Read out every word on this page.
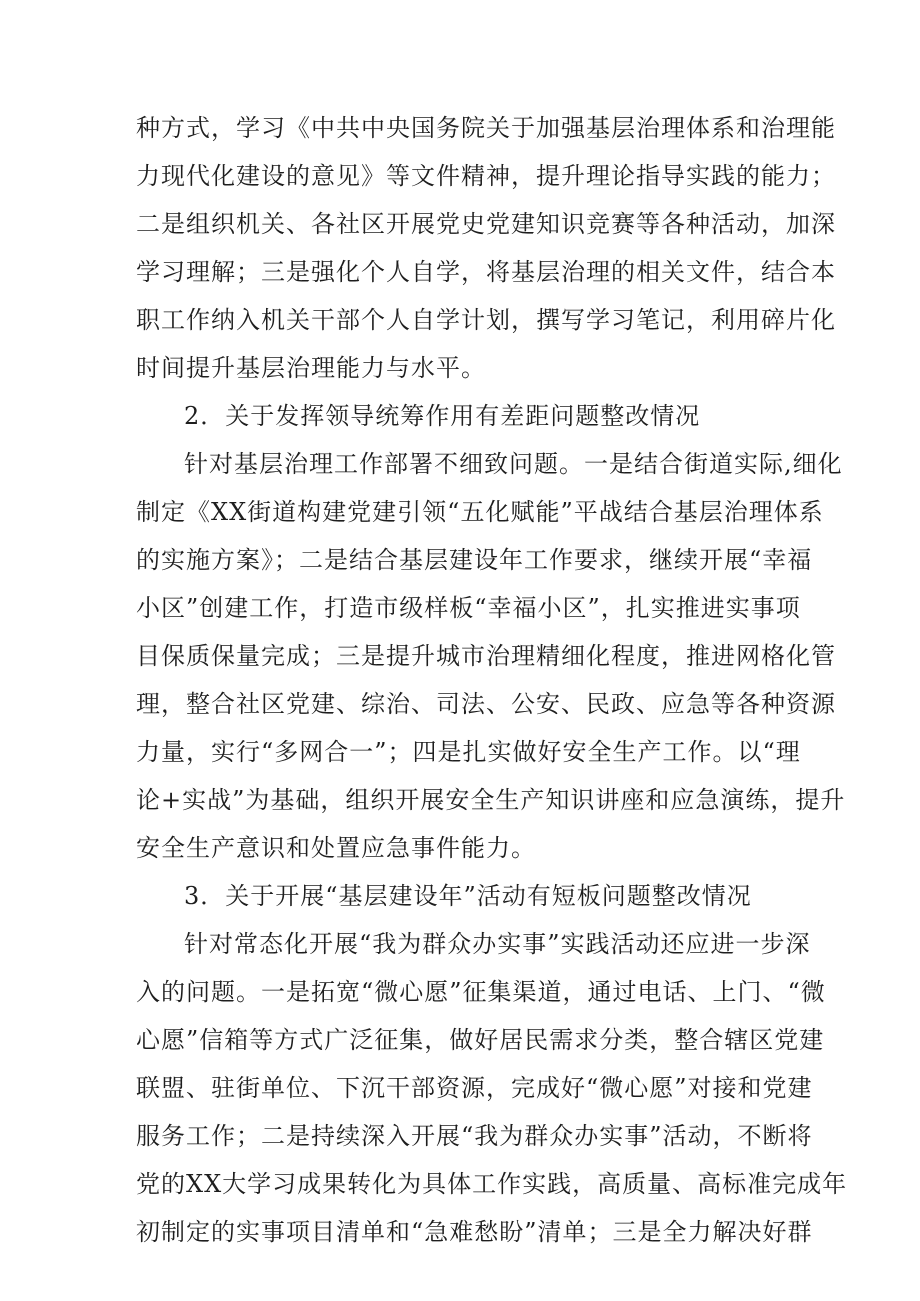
种方式，学习《中共中央国务院关于加强基层治理体系和治理能
力现代化建设的意见》等文件精神，提升理论指导实践的能力；
二是组织机关、各社区开展党史党建知识竞赛等各种活动，加深
学习理解；三是强化个人自学，将基层治理的相关文件，结合本
职工作纳入机关干部个人自学计划，撰写学习笔记，利用碎片化
时间提升基层治理能力与水平。
2．关于发挥领导统筹作用有差距问题整改情况
针对基层治理工作部署不细致问题。一是结合街道实际,细化
制定《XX街道构建党建引领“五化赋能”平战结合基层治理体系
的实施方案》；二是结合基层建设年工作要求，继续开展“幸福
小区”创建工作，打造市级样板“幸福小区”，扎实推进实事项
目保质保量完成；三是提升城市治理精细化程度，推进网格化管
理，整合社区党建、综治、司法、公安、民政、应急等各种资源
力量，实行“多网合一”；四是扎实做好安全生产工作。以“理
论+实战”为基础，组织开展安全生产知识讲座和应急演练，提升
安全生产意识和处置应急事件能力。
3．关于开展“基层建设年”活动有短板问题整改情况
针对常态化开展“我为群众办实事”实践活动还应进一步深
入的问题。一是拓宽“微心愿”征集渠道，通过电话、上门、“微
心愿”信箱等方式广泛征集，做好居民需求分类，整合辖区党建
联盟、驻街单位、下沉干部资源，完成好“微心愿”对接和党建
服务工作；二是持续深入开展“我为群众办实事”活动，不断将
党的XX大学习成果转化为具体工作实践，高质量、高标准完成年
初制定的实事项目清单和“急难愁盼”清单；三是全力解决好群
